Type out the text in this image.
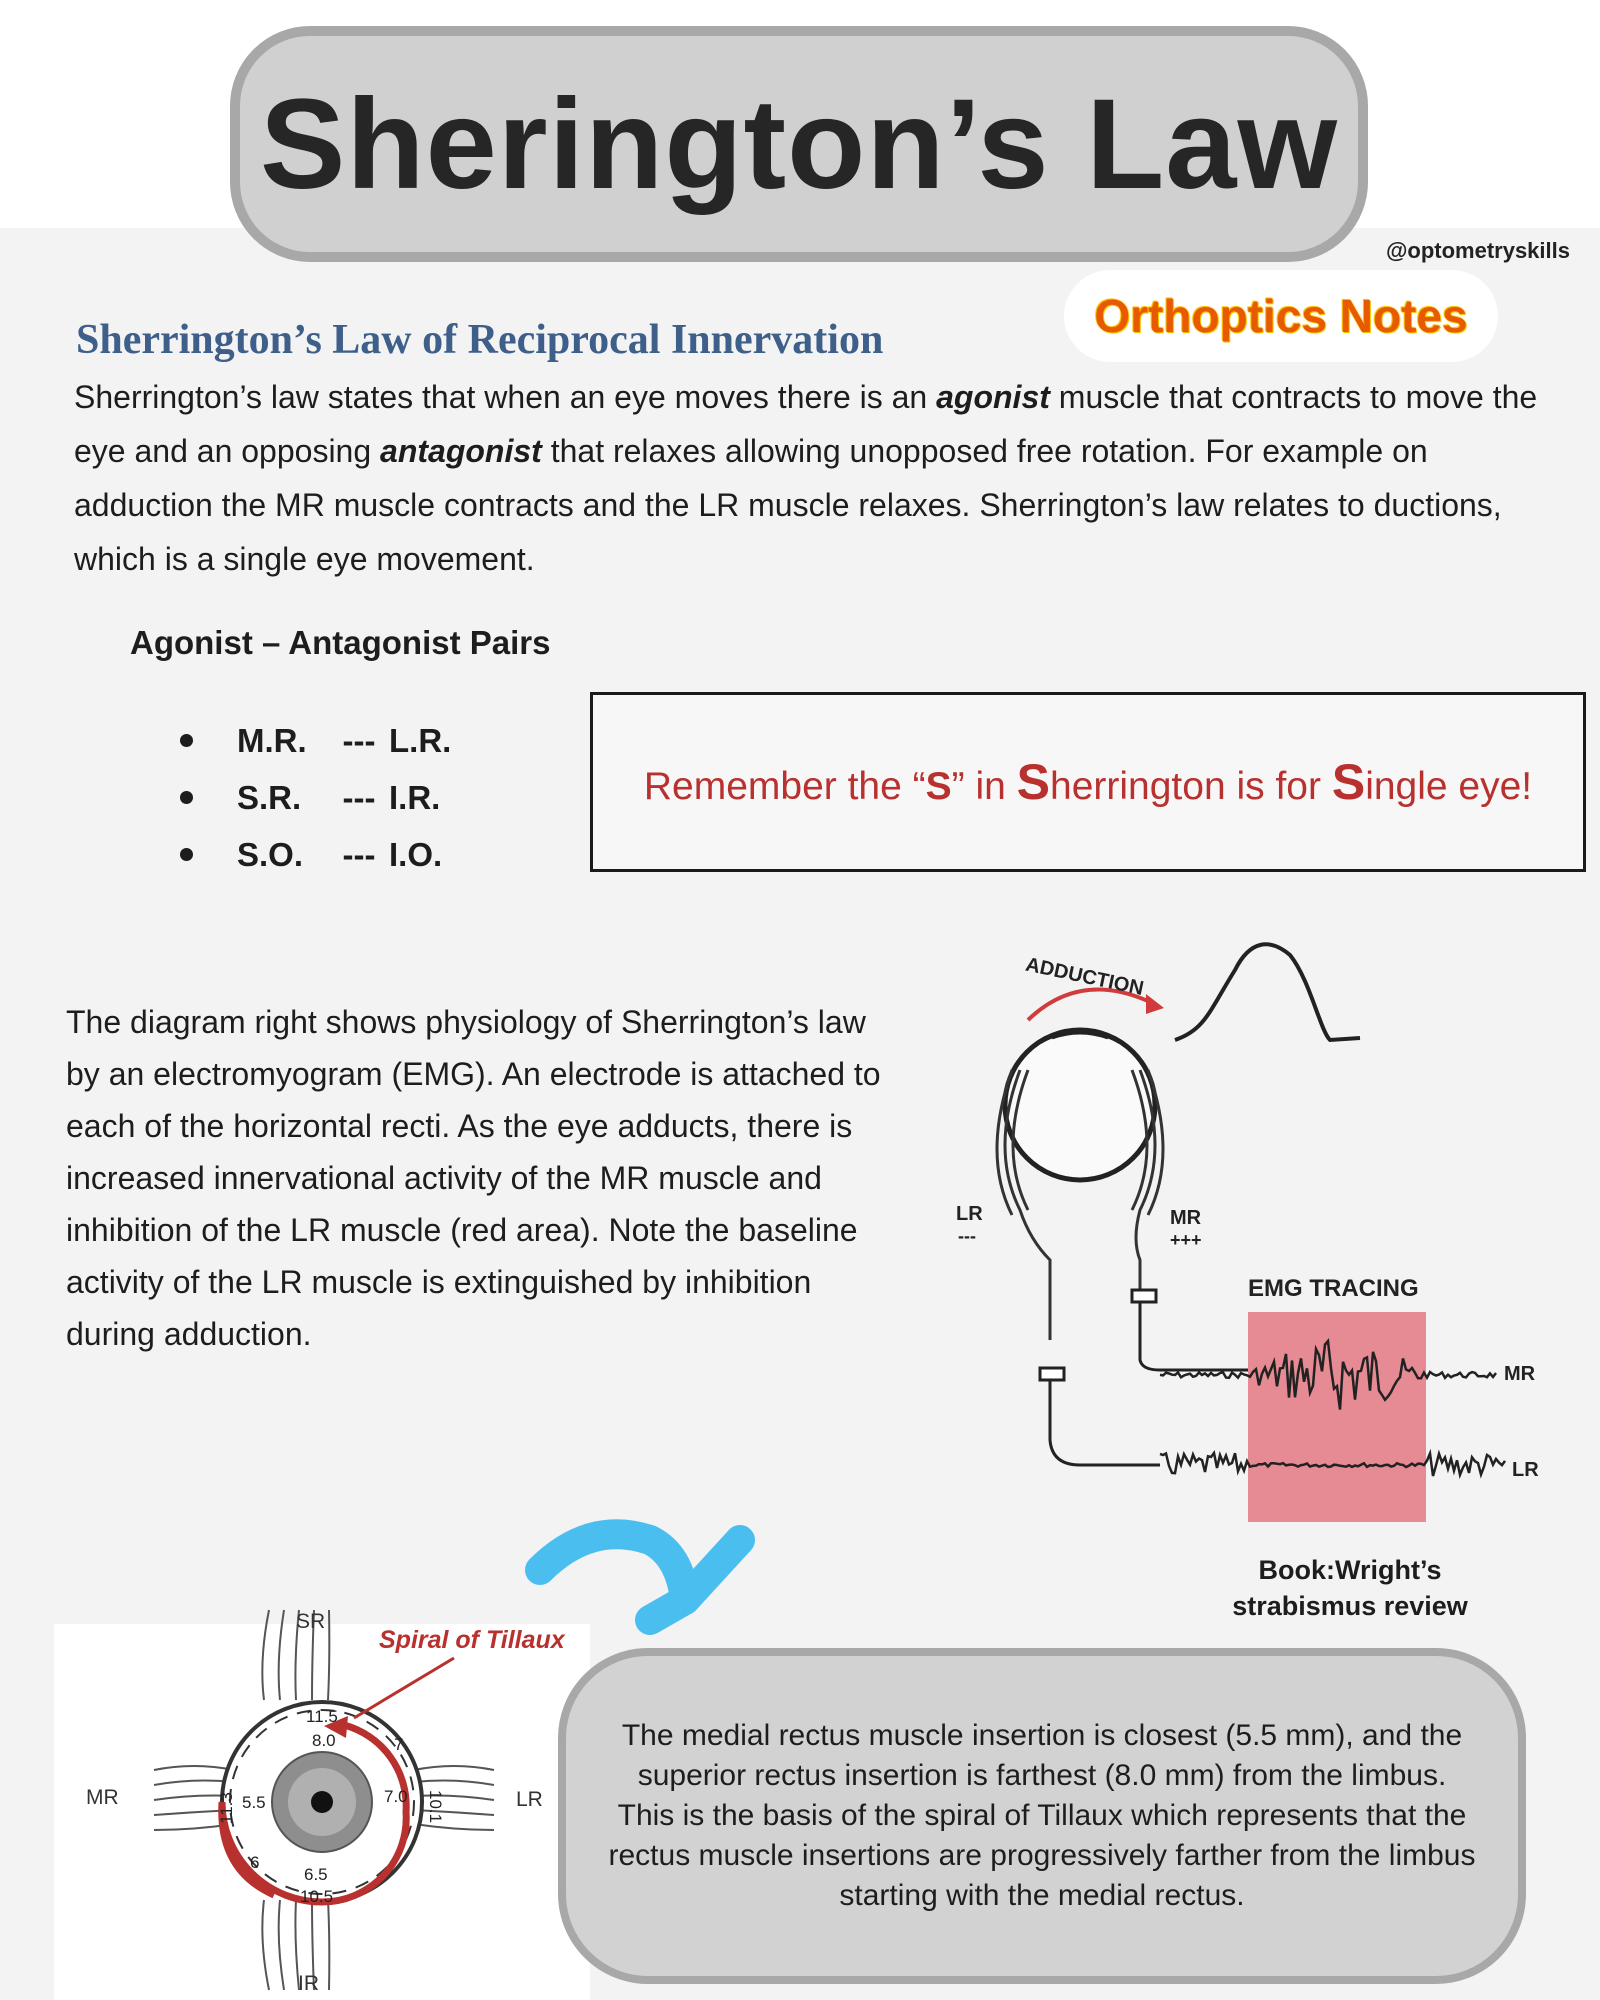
Sherington’s Law
@optometryskills
Orthoptics Notes
Sherrington’s Law of Reciprocal Innervation
Sherrington’s law states that when an eye moves there is an agonist muscle that contracts to move the eye and an opposing antagonist that relaxes allowing unopposed free rotation. For example on adduction the MR muscle contracts and the LR muscle relaxes. Sherrington’s law relates to ductions, which is a single eye movement.
Agonist – Antagonist Pairs
M.R.	--- L.R.
S.R.	--- I.R.
S.O.	--- I.O.
Remember the “S” in Sherrington is for Single eye!
The diagram right shows physiology of Sherrington’s law by an electromyogram (EMG). An electrode is attached to each of the horizontal recti. As the eye adducts, there is increased innervational activity of the MR muscle and inhibition of the LR muscle (red area). Note the baseline activity of the LR muscle is extinguished by inhibition during adduction.
ADDUCTION
LR
---
MR
+++
EMG TRACING
MR
LR
Book:Wright’s
strabismus review
Spiral of Tillaux
SR
IR
MR	LR
11.5
8.0
5.5
11.3	7.0 10.1
6.5
10.5
6
7	The medial rectus muscle insertion is closest (5.5 mm), and the superior rectus insertion is farthest (8.0 mm) from the limbus. This is the basis of the spiral of Tillaux which represents that the rectus muscle insertions are progressively farther from the limbus starting with the medial rectus.
